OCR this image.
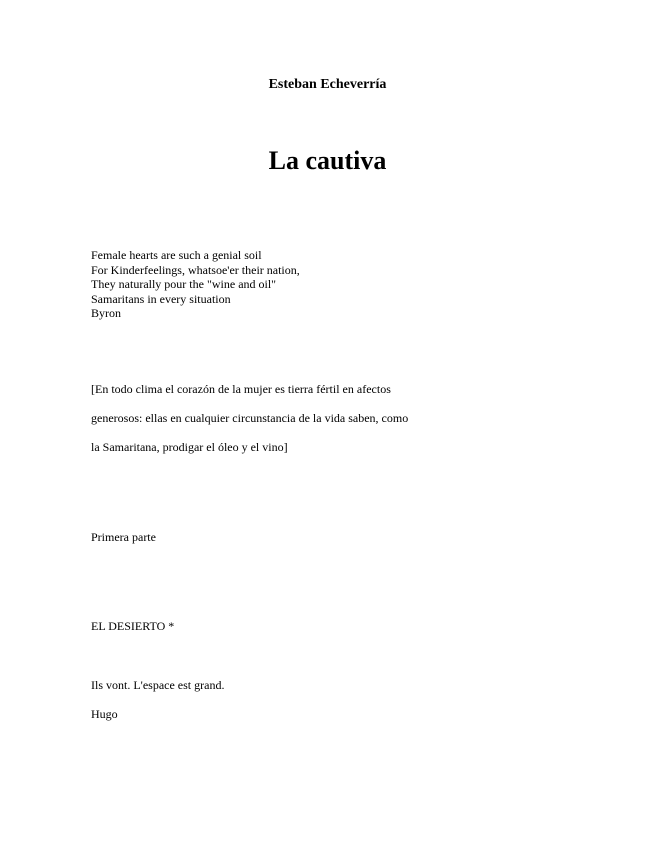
Esteban Echeverría
La cautiva
Female hearts are such a genial soil
For Kinderfeelings, whatsoe'er their nation,
They naturally pour the "wine and oil"
Samaritans in every situation
Byron
[En todo clima el corazón de la mujer es tierra fértil en afectos
generosos: ellas en cualquier circunstancia de la vida saben, como
la Samaritana, prodigar el óleo y el vino]
Primera parte
EL DESIERTO *
Ils vont. L'espace est grand.
Hugo
